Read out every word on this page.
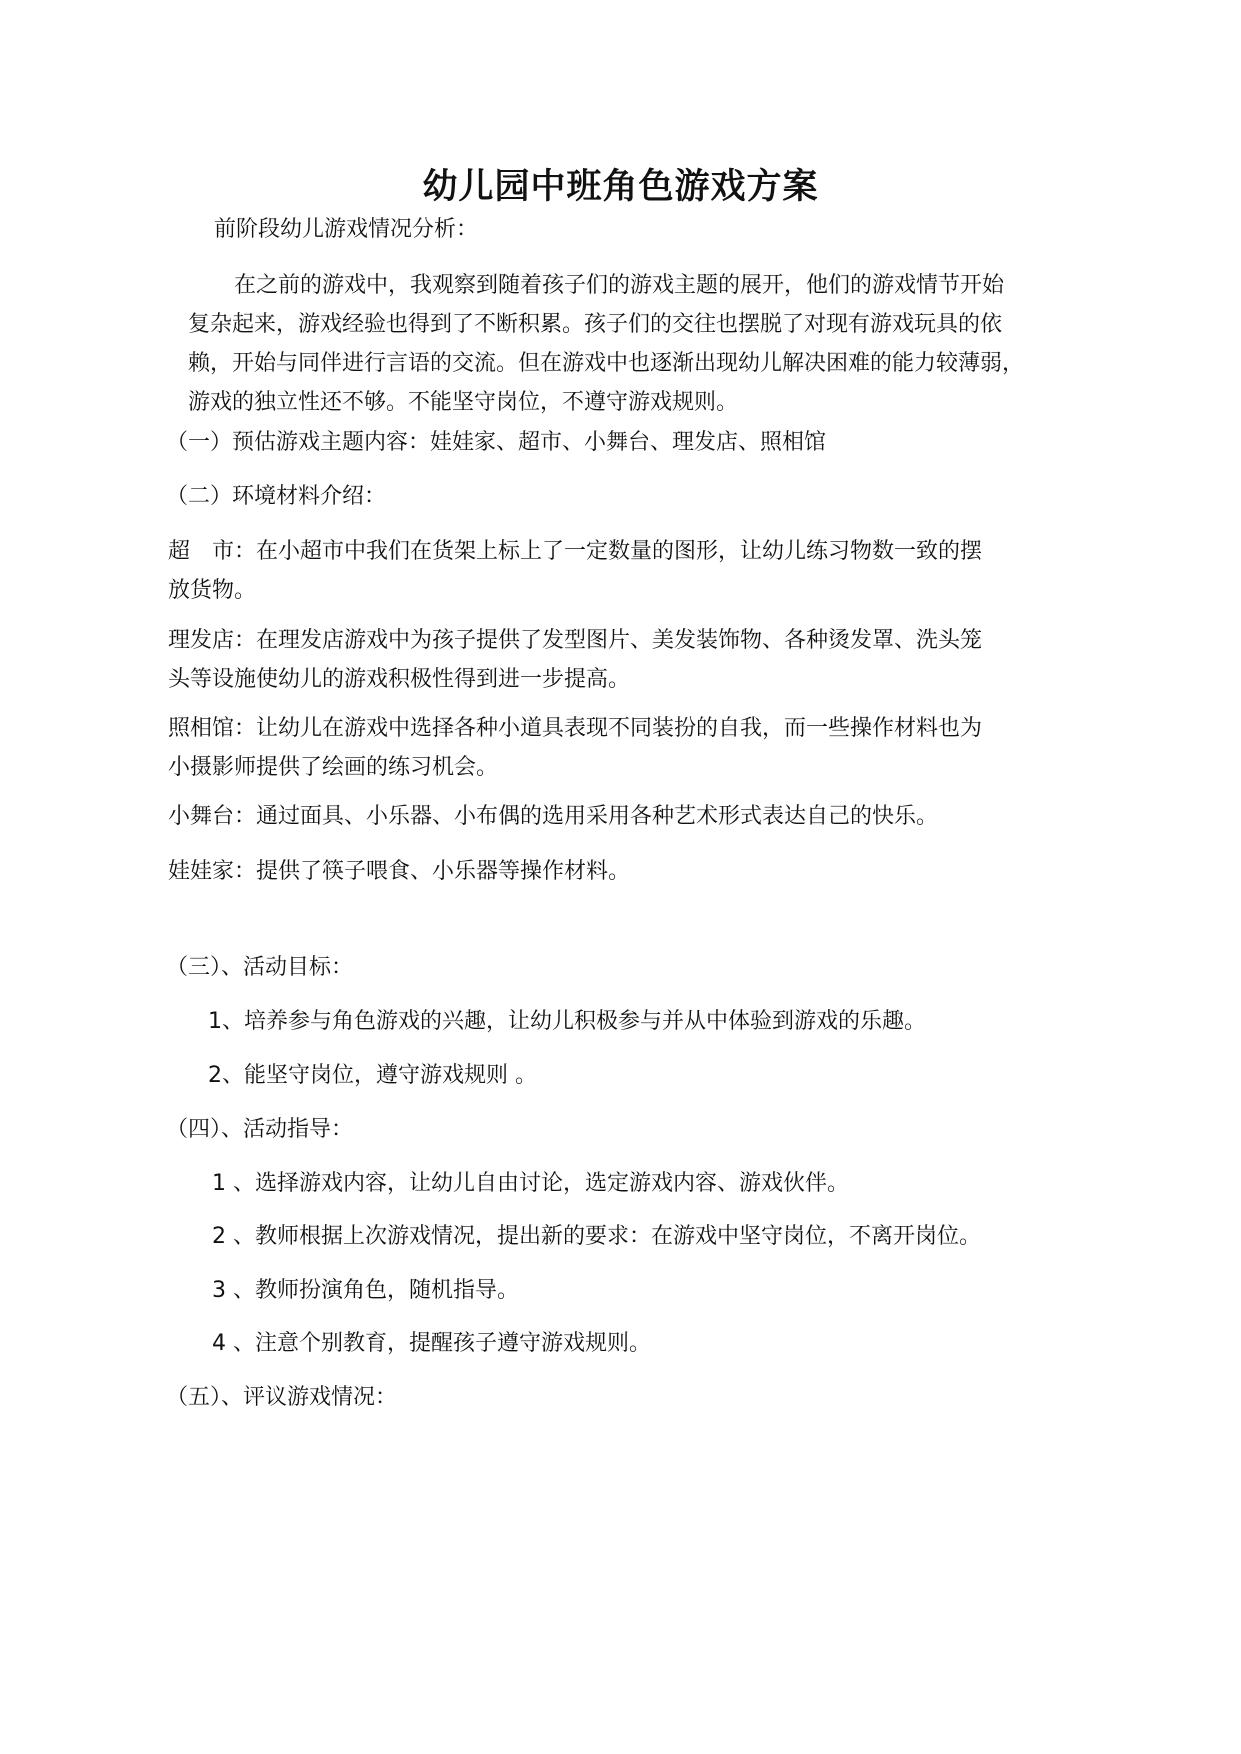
幼儿园中班角色游戏方案

前阶段幼儿游戏情况分析：

在之前的游戏中，我观察到随着孩子们的游戏主题的展开，他们的游戏情节开始
复杂起来，游戏经验也得到了不断积累。孩子们的交往也摆脱了对现有游戏玩具的依
赖，开始与同伴进行言语的交流。但在游戏中也逐渐出现幼儿解决困难的能力较薄弱，
游戏的独立性还不够。不能坚守岗位，不遵守游戏规则。

（一）预估游戏主题内容：娃娃家、超市、小舞台、理发店、照相馆

（二）环境材料介绍：

超　市：在小超市中我们在货架上标上了一定数量的图形，让幼儿练习物数一致的摆
放货物。
理发店：在理发店游戏中为孩子提供了发型图片、美发装饰物、各种烫发罩、洗头笼
头等设施使幼儿的游戏积极性得到进一步提高。
照相馆：让幼儿在游戏中选择各种小道具表现不同装扮的自我，而一些操作材料也为
小摄影师提供了绘画的练习机会。

小舞台：通过面具、小乐器、小布偶的选用采用各种艺术形式表达自己的快乐。

娃娃家：提供了筷子喂食、小乐器等操作材料。

（三）、活动目标：

1、培养参与角色游戏的兴趣，让幼儿积极参与并从中体验到游戏的乐趣。

2、能坚守岗位，遵守游戏规则 。

（四）、活动指导：

1 、选择游戏内容，让幼儿自由讨论，选定游戏内容、游戏伙伴。

2 、教师根据上次游戏情况，提出新的要求：在游戏中坚守岗位，不离开岗位。

3 、教师扮演角色，随机指导。

4 、注意个别教育，提醒孩子遵守游戏规则。

（五）、评议游戏情况：
